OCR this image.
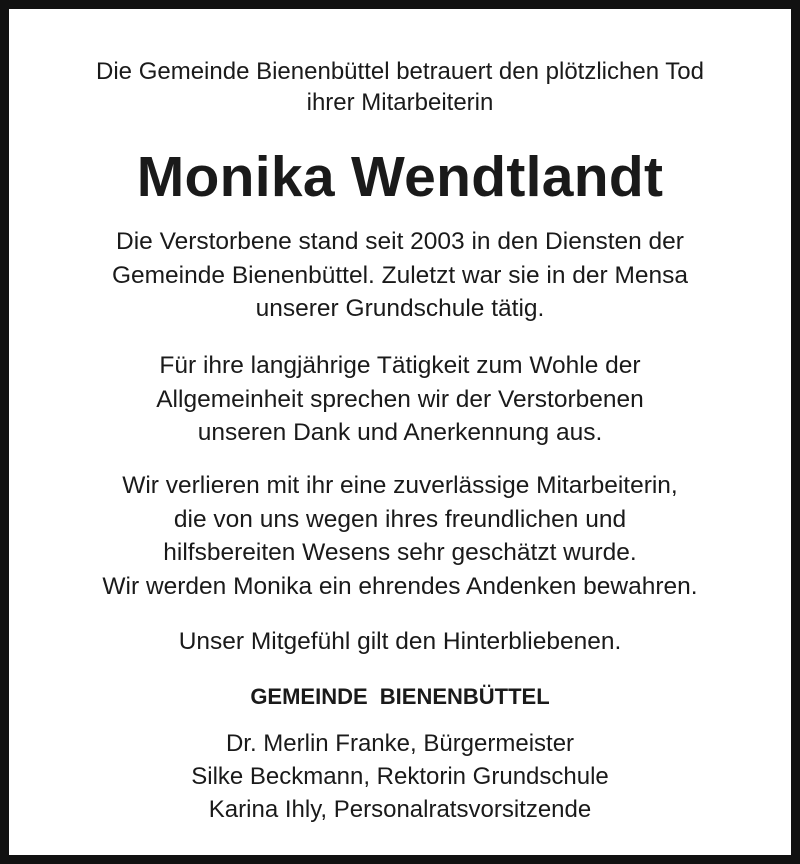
Die Gemeinde Bienenbüttel betrauert den plötzlichen Tod
ihrer Mitarbeiterin
Monika Wendtlandt
Die Verstorbene stand seit 2003 in den Diensten der
Gemeinde Bienenbüttel. Zuletzt war sie in der Mensa
unserer Grundschule tätig.
Für ihre langjährige Tätigkeit zum Wohle der
Allgemeinheit sprechen wir der Verstorbenen
unseren Dank und Anerkennung aus.
Wir verlieren mit ihr eine zuverlässige Mitarbeiterin,
die von uns wegen ihres freundlichen und
hilfsbereiten Wesens sehr geschätzt wurde.
Wir werden Monika ein ehrendes Andenken bewahren.
Unser Mitgefühl gilt den Hinterbliebenen.
GEMEINDE BIENENBÜTTEL
Dr. Merlin Franke, Bürgermeister
Silke Beckmann, Rektorin Grundschule
Karina Ihly, Personalratsvorsitzende
